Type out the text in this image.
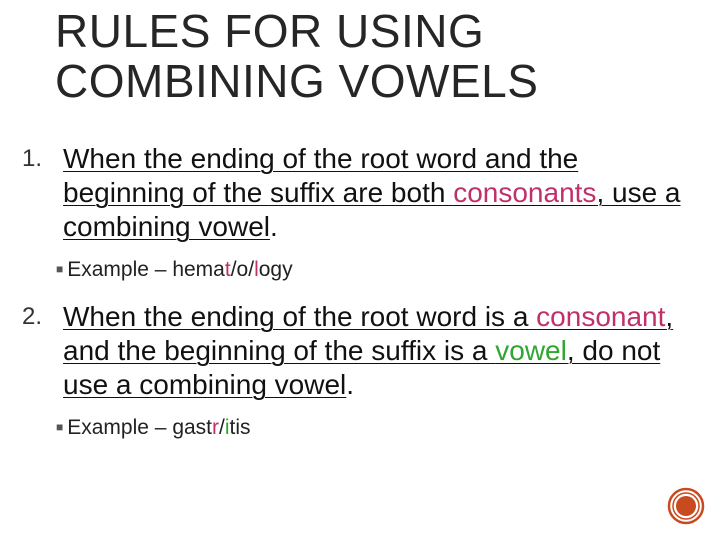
RULES FOR USING
COMBINING VOWELS
1. When the ending of the root word and the beginning of the suffix are both consonants, use a combining vowel.
■ Example – hemat/o/logy
2. When the ending of the root word is a consonant, and the beginning of the suffix is a vowel, do not use a combining vowel.
■ Example – gastr/itis
